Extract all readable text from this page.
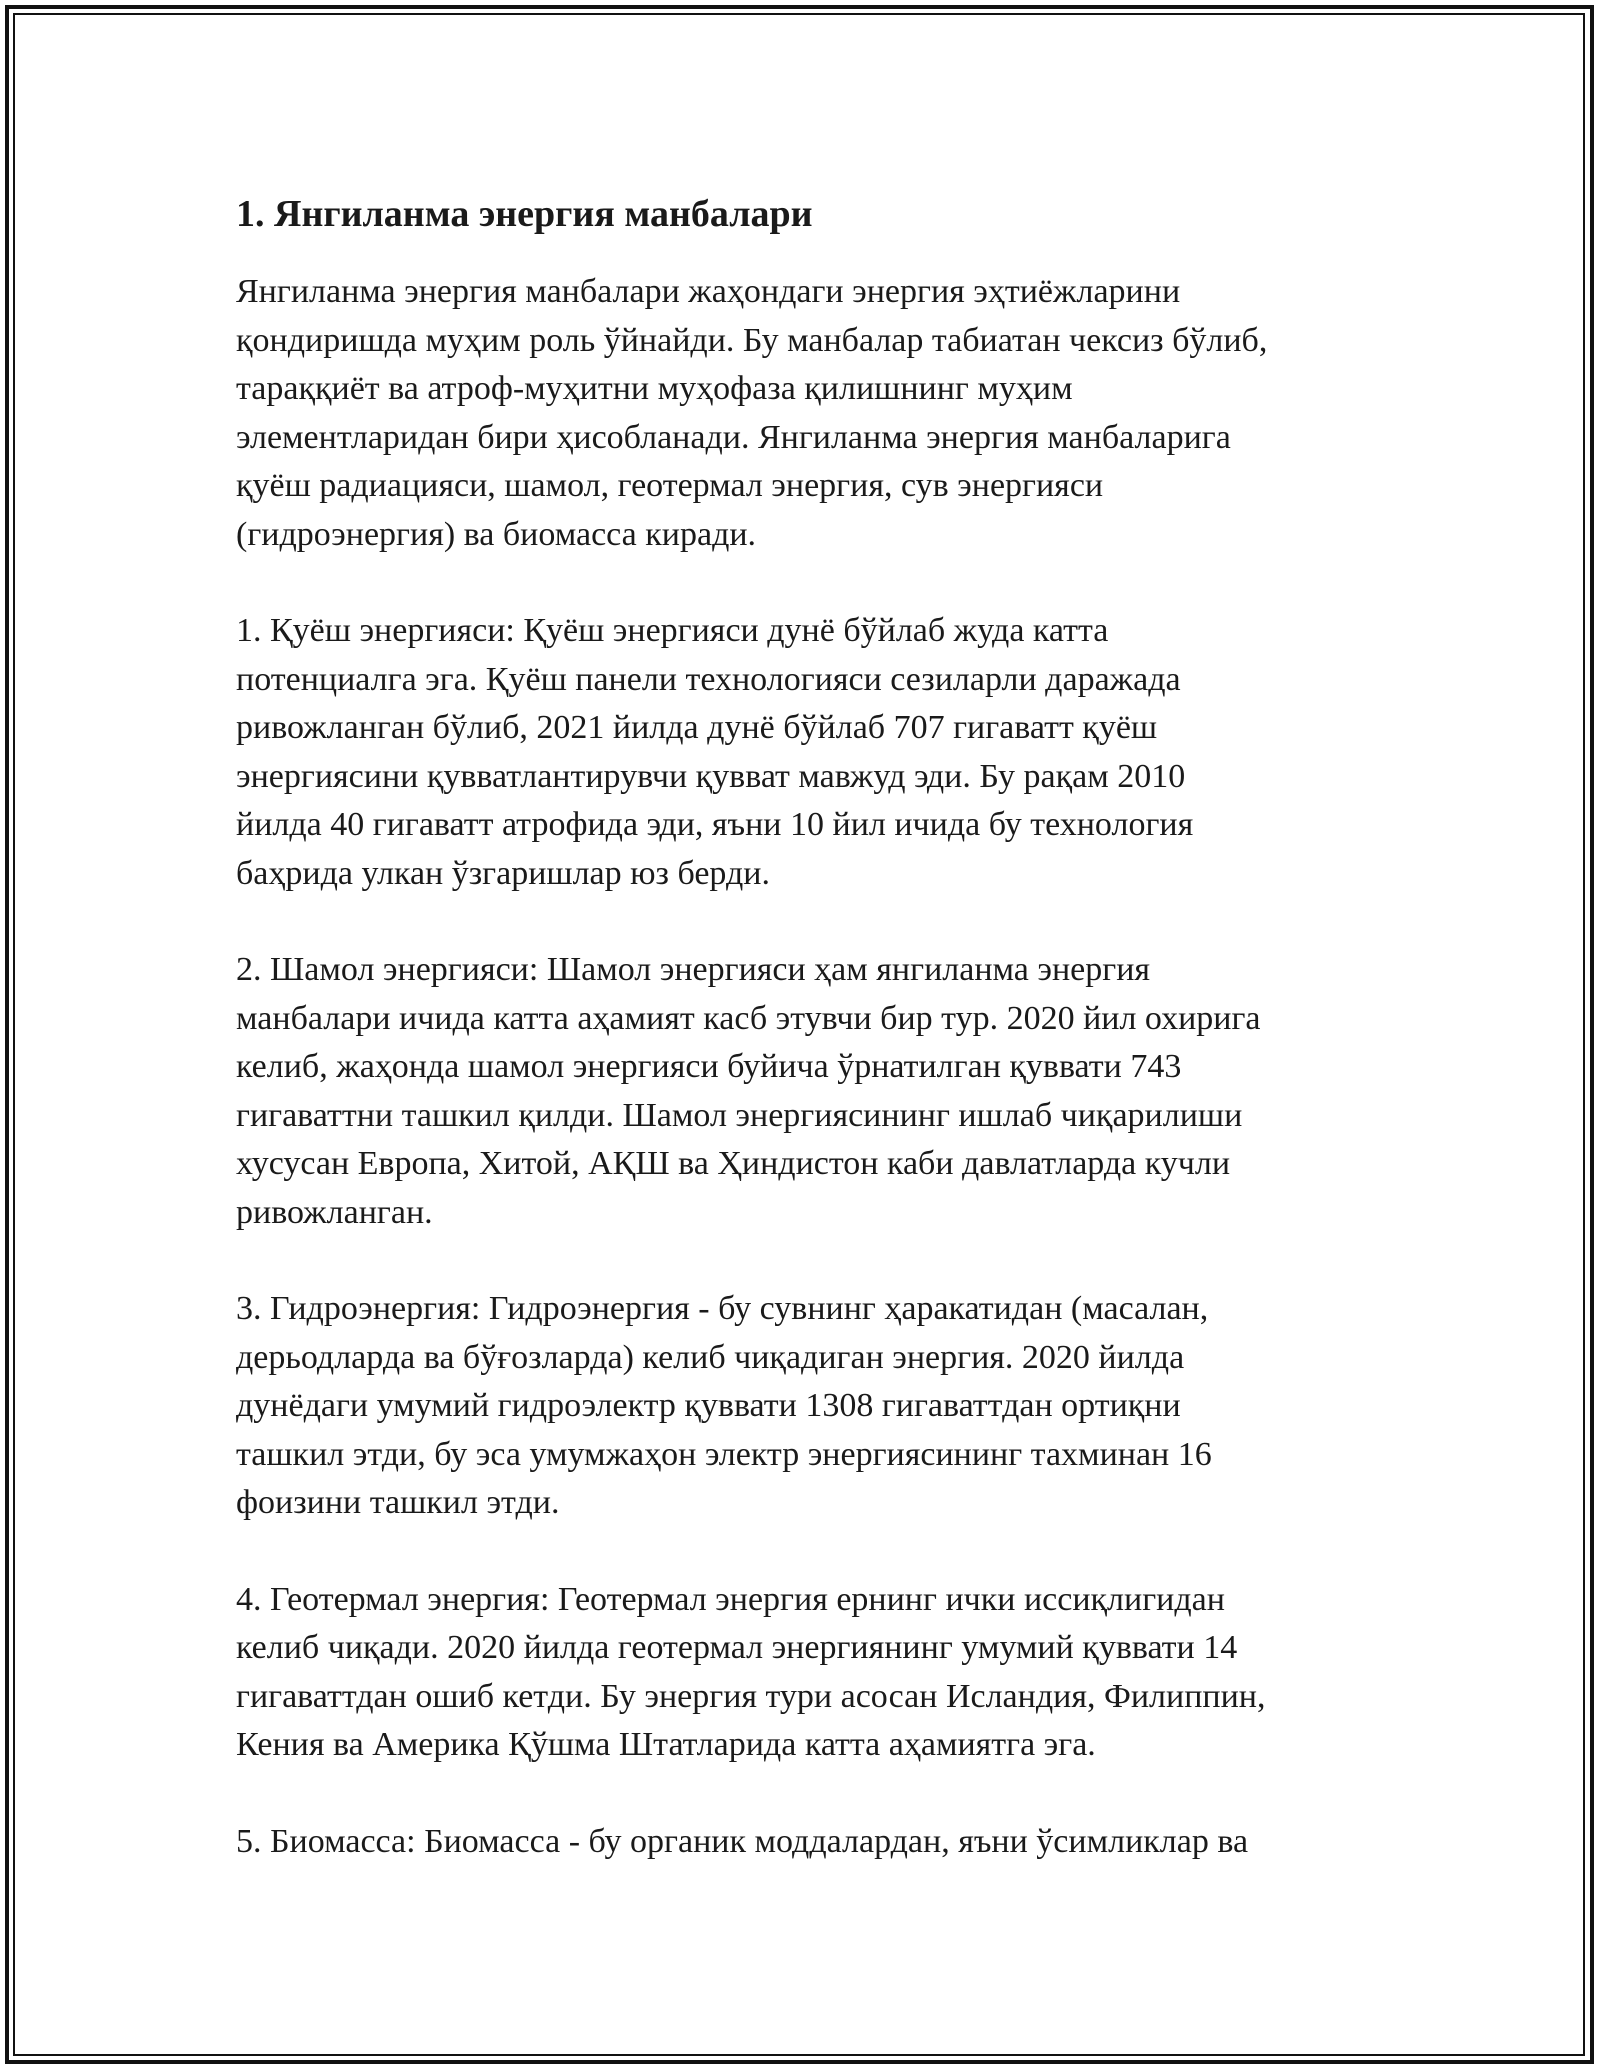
1. Янгиланма энергия манбалари

Янгиланма энергия манбалари жаҳондаги энергия эҳтиёжларини
қондиришда муҳим роль ўйнайди. Бу манбалар табиатан чексиз бўлиб,
тараққиёт ва атроф-муҳитни муҳофаза қилишнинг муҳим
элементларидан бири ҳисобланади. Янгиланма энергия манбаларига
қуёш радиацияси, шамол, геотермал энергия, сув энергияси
(гидроэнергия) ва биомасса киради.

1. Қуёш энергияси: Қуёш энергияси дунё бўйлаб жуда катта
потенциалга эга. Қуёш панели технологияси сезиларли даражада
ривожланган бўлиб, 2021 йилда дунё бўйлаб 707 гигаватт қуёш
энергиясини қувватлантирувчи қувват мавжуд эди. Бу рақам 2010
йилда 40 гигаватт атрофида эди, яъни 10 йил ичида бу технология
баҳрида улкан ўзгаришлар юз берди.

2. Шамол энергияси: Шамол энергияси ҳам янгиланма энергия
манбалари ичида катта аҳамият касб этувчи бир тур. 2020 йил охирига
келиб, жаҳонда шамол энергияси буйича ўрнатилган қуввати 743
гигаваттни ташкил қилди. Шамол энергиясининг ишлаб чиқарилиши
хусусан Европа, Хитой, АҚШ ва Ҳиндистон каби давлатларда кучли
ривожланган.

3. Гидроэнергия: Гидроэнергия - бу сувнинг ҳаракатидан (масалан,
дерьодларда ва бўғозларда) келиб чиқадиган энергия. 2020 йилда
дунёдаги умумий гидроэлектр қуввати 1308 гигаваттдан ортиқни
ташкил этди, бу эса умумжаҳон электр энергиясининг тахминан 16
фоизини ташкил этди.

4. Геотермал энергия: Геотермал энергия ернинг ички иссиқлигидан
келиб чиқади. 2020 йилда геотермал энергиянинг умумий қуввати 14
гигаваттдан ошиб кетди. Бу энергия тури асосан Исландия, Филиппин,
Кения ва Америка Қўшма Штатларида катта аҳамиятга эга.

5. Биомасса: Биомасса - бу органик моддалардан, яъни ўсимликлар ва
